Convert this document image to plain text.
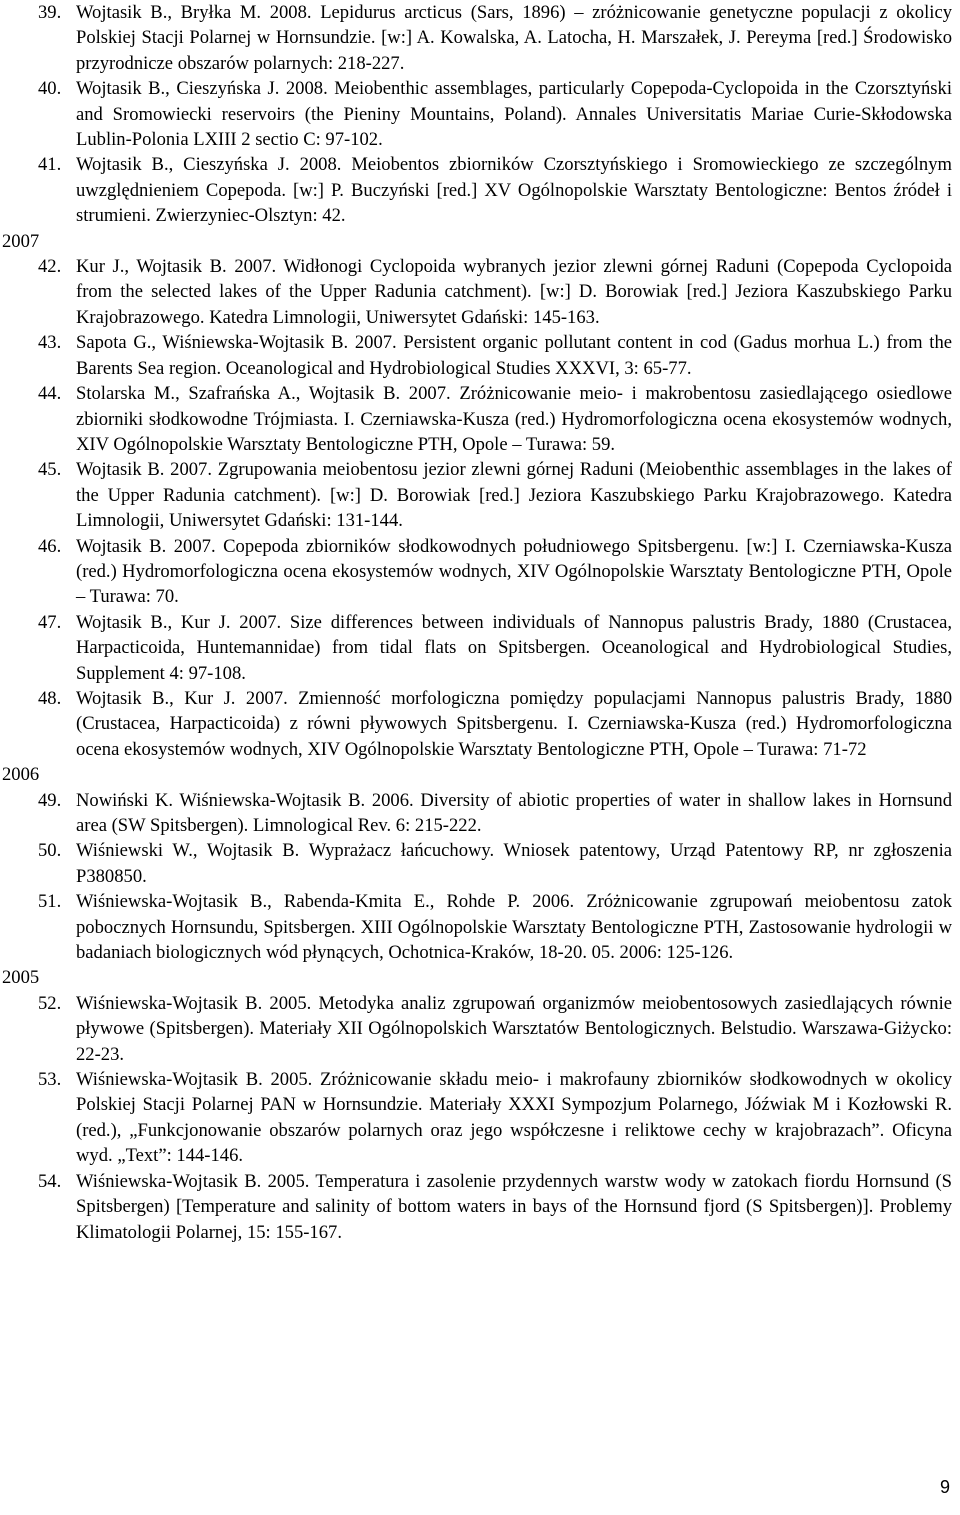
39. Wojtasik B., Bryłka M. 2008. Lepidurus arcticus (Sars, 1896) – zróżnicowanie genetyczne populacji z okolicy Polskiej Stacji Polarnej w Hornsundzie. [w:] A. Kowalska, A. Latocha, H. Marszałek, J. Pereyma [red.] Środowisko przyrodnicze obszarów polarnych: 218-227.
40. Wojtasik B., Cieszyńska J. 2008. Meiobenthic assemblages, particularly Copepoda-Cyclopoida in the Czorsztyński and Sromowiecki reservoirs (the Pieniny Mountains, Poland). Annales Universitatis Mariae Curie-Skłodowska Lublin-Polonia LXIII 2 sectio C: 97-102.
41. Wojtasik B., Cieszyńska J. 2008. Meiobentos zbiorników Czorsztyńskiego i Sromowieckiego ze szczególnym uwzględnieniem Copepoda. [w:] P. Buczyński [red.] XV Ogólnopolskie Warsztaty Bentologiczne: Bentos źródeł i strumieni. Zwierzyniec-Olsztyn: 42.
2007
42. Kur J., Wojtasik B. 2007. Widłonogi Cyclopoida wybranych jezior zlewni górnej Raduni (Copepoda Cyclopoida from the selected lakes of the Upper Radunia catchment). [w:] D. Borowiak [red.] Jeziora Kaszubskiego Parku Krajobrazowego. Katedra Limnologii, Uniwersytet Gdański: 145-163.
43. Sapota G., Wiśniewska-Wojtasik B. 2007. Persistent organic pollutant content in cod (Gadus morhua L.) from the Barents Sea region. Oceanological and Hydrobiological Studies XXXVI, 3: 65-77.
44. Stolarska M., Szafrańska A., Wojtasik B. 2007. Zróżnicowanie meio- i makrobentosu zasiedlającego osiedlowe zbiorniki słodkowodne Trójmiasta. I. Czerniawska-Kusza (red.) Hydromorfologiczna ocena ekosystemów wodnych, XIV Ogólnopolskie Warsztaty Bentologiczne PTH, Opole – Turawa: 59.
45. Wojtasik B. 2007. Zgrupowania meiobentosu jezior zlewni górnej Raduni (Meiobenthic assemblages in the lakes of the Upper Radunia catchment). [w:] D. Borowiak [red.] Jeziora Kaszubskiego Parku Krajobrazowego. Katedra Limnologii, Uniwersytet Gdański: 131-144.
46. Wojtasik B. 2007. Copepoda zbiorników słodkowodnych południowego Spitsbergenu. [w:] I. Czerniawska-Kusza (red.) Hydromorfologiczna ocena ekosystemów wodnych, XIV Ogólnopolskie Warsztaty Bentologiczne PTH, Opole – Turawa: 70.
47. Wojtasik B., Kur J. 2007. Size differences between individuals of Nannopus palustris Brady, 1880 (Crustacea, Harpacticoida, Huntemannidae) from tidal flats on Spitsbergen. Oceanological and Hydrobiological Studies, Supplement 4: 97-108.
48. Wojtasik B., Kur J. 2007. Zmienność morfologiczna pomiędzy populacjami Nannopus palustris Brady, 1880 (Crustacea, Harpacticoida) z równi pływowych Spitsbergenu. I. Czerniawska-Kusza (red.) Hydromorfologiczna ocena ekosystemów wodnych, XIV Ogólnopolskie Warsztaty Bentologiczne PTH, Opole – Turawa: 71-72
2006
49. Nowiński K. Wiśniewska-Wojtasik B. 2006. Diversity of abiotic properties of water in shallow lakes in Hornsund area (SW Spitsbergen). Limnological Rev. 6: 215-222.
50. Wiśniewski W., Wojtasik B. Wyprażacz łańcuchowy. Wniosek patentowy, Urząd Patentowy RP, nr zgłoszenia P380850.
51. Wiśniewska-Wojtasik B., Rabenda-Kmita E., Rohde P. 2006. Zróżnicowanie zgrupowań meiobentosu zatok pobocznych Hornsundu, Spitsbergen. XIII Ogólnopolskie Warsztaty Bentologiczne PTH, Zastosowanie hydrologii w badaniach biologicznych wód płynących, Ochotnica-Kraków, 18-20. 05. 2006: 125-126.
2005
52. Wiśniewska-Wojtasik B. 2005. Metodyka analiz zgrupowań organizmów meiobentosowych zasiedlających równie pływowe (Spitsbergen). Materiały XII Ogólnopolskich Warsztatów Bentologicznych. Belstudio. Warszawa-Giżycko: 22-23.
53. Wiśniewska-Wojtasik B. 2005. Zróżnicowanie składu meio- i makrofauny zbiorników słodkowodnych w okolicy Polskiej Stacji Polarnej PAN w Hornsundzie. Materiały XXXI Sympozjum Polarnego, Jóźwiak M i Kozłowski R. (red.), „Funkcjonowanie obszarów polarnych oraz jego współczesne i reliktowe cechy w krajobrazach”. Oficyna wyd. „Text”: 144-146.
54. Wiśniewska-Wojtasik B. 2005. Temperatura i zasolenie przydennych warstw wody w zatokach fiordu Hornsund (S Spitsbergen) [Temperature and salinity of bottom waters in bays of the Hornsund fjord (S Spitsbergen)]. Problemy Klimatologii Polarnej, 15: 155-167.
9
